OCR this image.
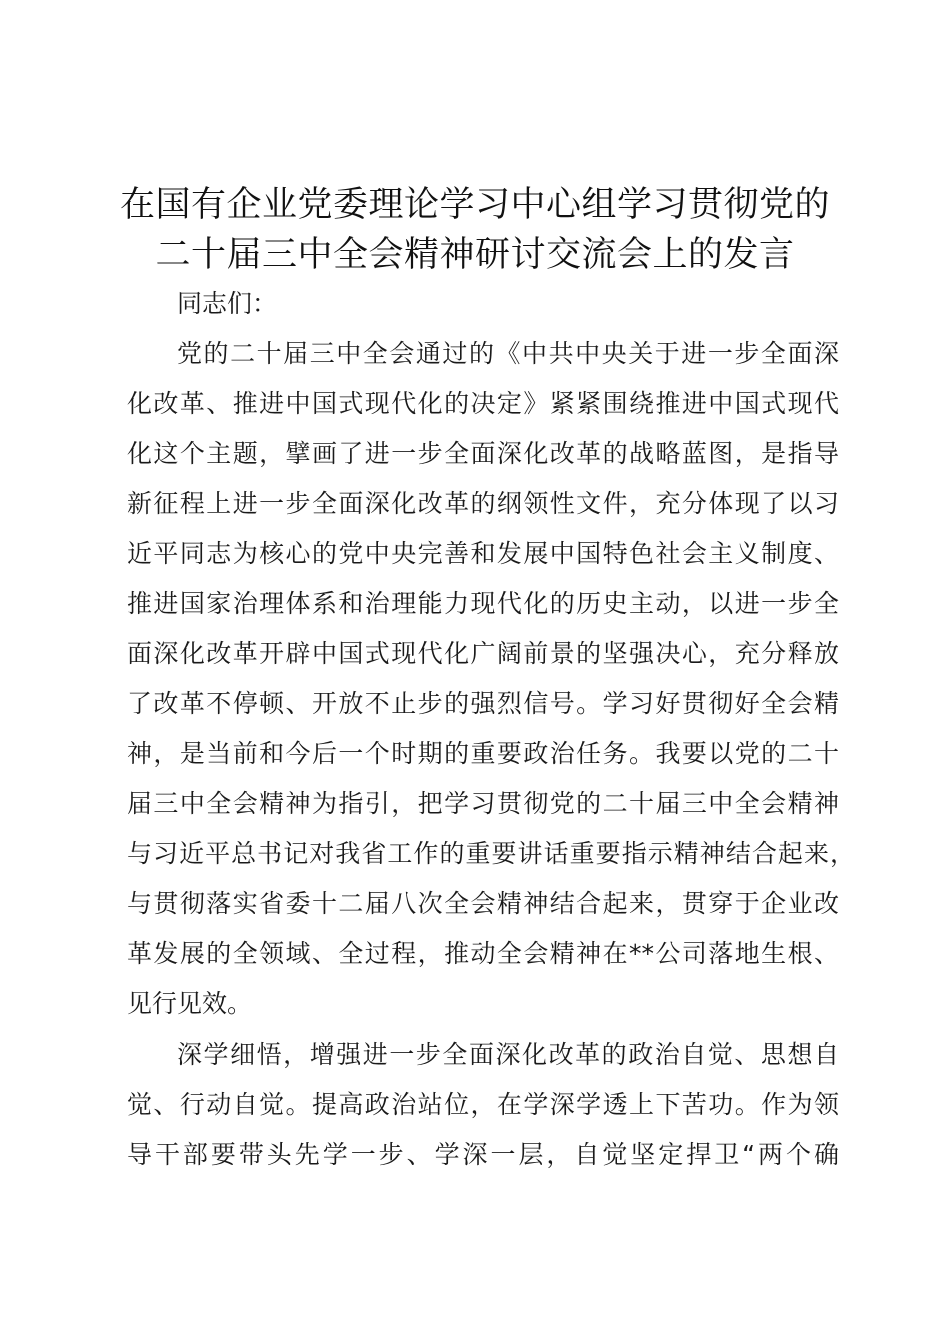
在国有企业党委理论学习中心组学习贯彻党的
二十届三中全会精神研讨交流会上的发言
同志们：
党的二十届三中全会通过的《中共中央关于进一步全面深
化改革、推进中国式现代化的决定》紧紧围绕推进中国式现代
化这个主题，擘画了进一步全面深化改革的战略蓝图，是指导
新征程上进一步全面深化改革的纲领性文件，充分体现了以习
近平同志为核心的党中央完善和发展中国特色社会主义制度、
推进国家治理体系和治理能力现代化的历史主动，以进一步全
面深化改革开辟中国式现代化广阔前景的坚强决心，充分释放
了改革不停顿、开放不止步的强烈信号。学习好贯彻好全会精
神，是当前和今后一个时期的重要政治任务。我要以党的二十
届三中全会精神为指引，把学习贯彻党的二十届三中全会精神
与习近平总书记对我省工作的重要讲话重要指示精神结合起来，
与贯彻落实省委十二届八次全会精神结合起来，贯穿于企业改
革发展的全领域、全过程，推动全会精神在**公司落地生根、
见行见效。
深学细悟，增强进一步全面深化改革的政治自觉、思想自
觉、行动自觉。提高政治站位，在学深学透上下苦功。作为领
导干部要带头先学一步、学深一层，自觉坚定捍卫“两个确
